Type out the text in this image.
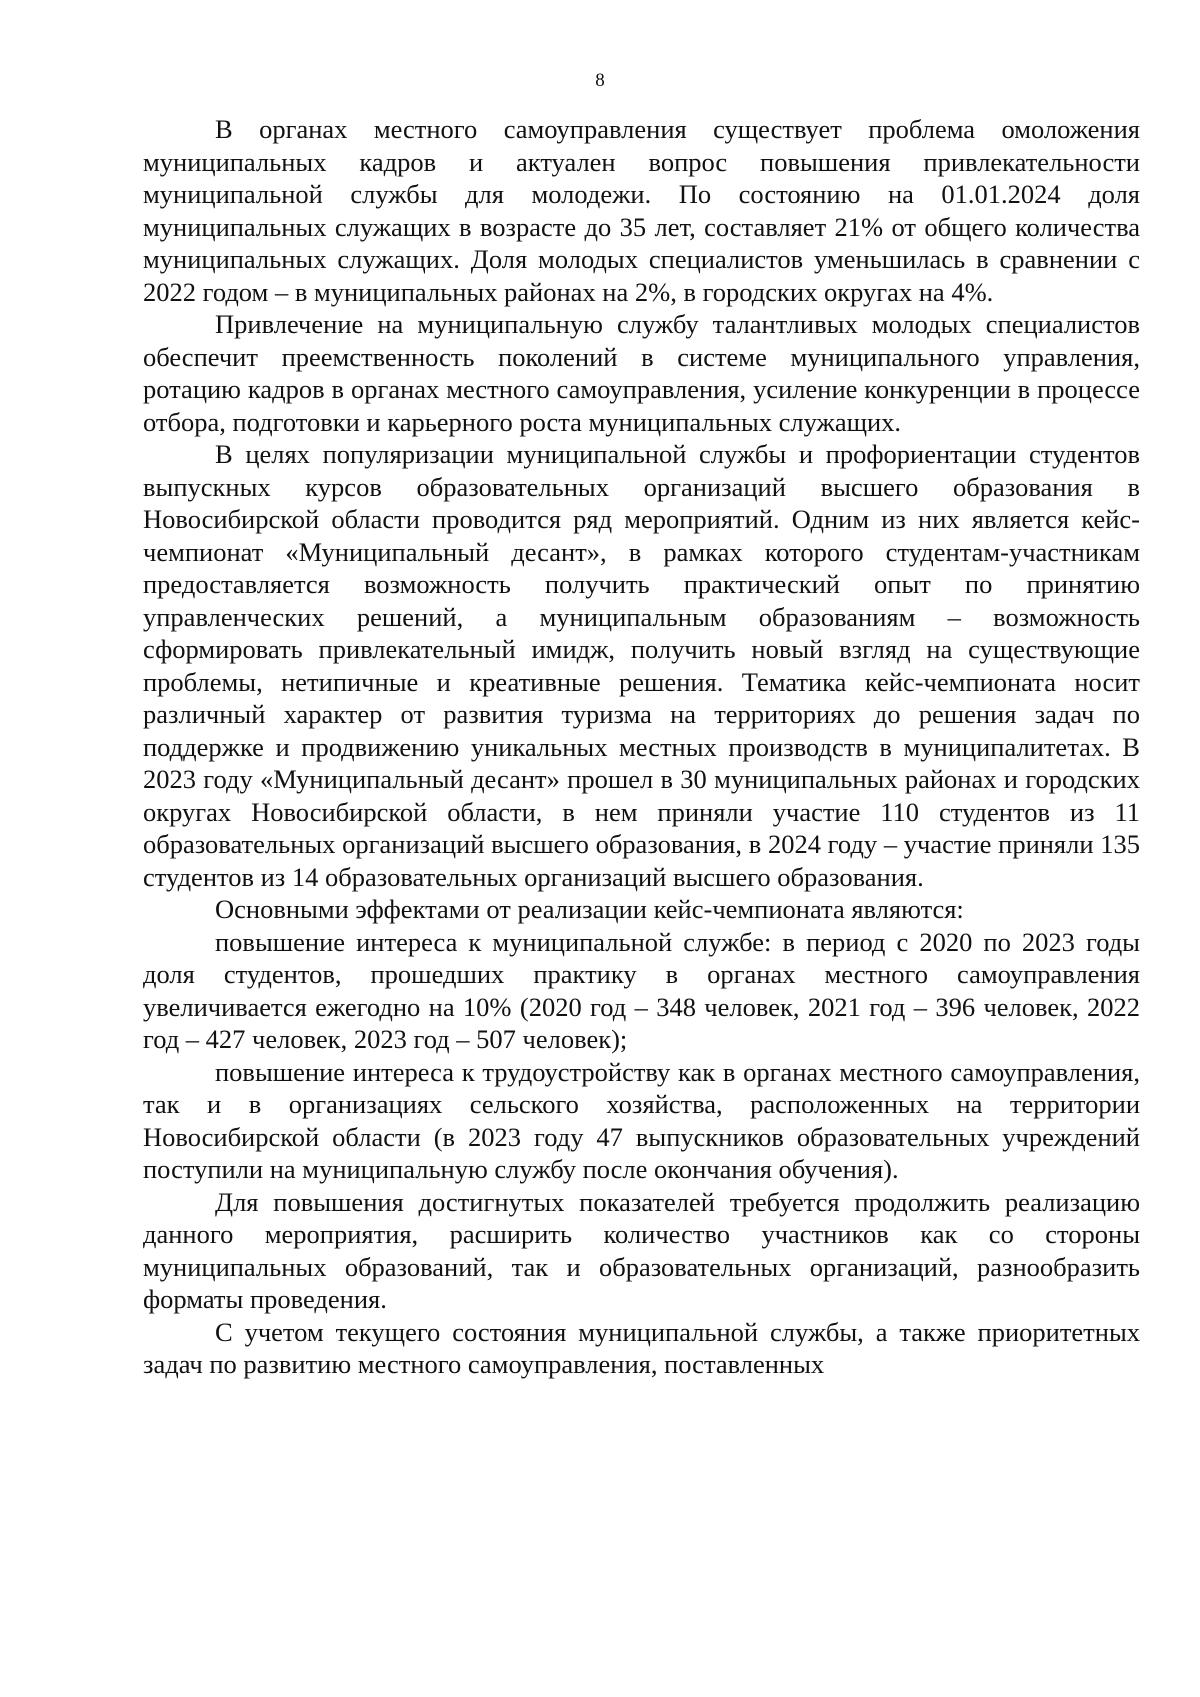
8

В органах местного самоуправления существует проблема омоложения муниципальных кадров и актуален вопрос повышения привлекательности муниципальной службы для молодежи. По состоянию на 01.01.2024 доля муниципальных служащих в возрасте до 35 лет, составляет 21% от общего количества муниципальных служащих. Доля молодых специалистов уменьшилась в сравнении с 2022 годом – в муниципальных районах на 2%, в городских округах на 4%.

Привлечение на муниципальную службу талантливых молодых специалистов обеспечит преемственность поколений в системе муниципального управления, ротацию кадров в органах местного самоуправления, усиление конкуренции в процессе отбора, подготовки и карьерного роста муниципальных служащих.

В целях популяризации муниципальной службы и профориентации студентов выпускных курсов образовательных организаций высшего образования в Новосибирской области проводится ряд мероприятий. Одним из них является кейс-чемпионат «Муниципальный десант», в рамках которого студентам-участникам предоставляется возможность получить практический опыт по принятию управленческих решений, а муниципальным образованиям – возможность сформировать привлекательный имидж, получить новый взгляд на существующие проблемы, нетипичные и креативные решения. Тематика кейс-чемпионата носит различный характер от развития туризма на территориях до решения задач по поддержке и продвижению уникальных местных производств в муниципалитетах. В 2023 году «Муниципальный десант» прошел в 30 муниципальных районах и городских округах Новосибирской области, в нем приняли участие 110 студентов из 11 образовательных организаций высшего образования, в 2024 году – участие приняли 135 студентов из 14 образовательных организаций высшего образования.

Основными эффектами от реализации кейс-чемпионата являются:

повышение интереса к муниципальной службе: в период с 2020 по 2023 годы доля студентов, прошедших практику в органах местного самоуправления увеличивается ежегодно на 10% (2020 год – 348 человек, 2021 год – 396 человек, 2022 год – 427 человек, 2023 год – 507 человек);

повышение интереса к трудоустройству как в органах местного самоуправления, так и в организациях сельского хозяйства, расположенных на территории Новосибирской области (в 2023 году 47 выпускников образовательных учреждений поступили на муниципальную службу после окончания обучения).

Для повышения достигнутых показателей требуется продолжить реализацию данного мероприятия, расширить количество участников как со стороны муниципальных образований, так и образовательных организаций, разнообразить форматы проведения.

С учетом текущего состояния муниципальной службы, а также приоритетных задач по развитию местного самоуправления, поставленных
